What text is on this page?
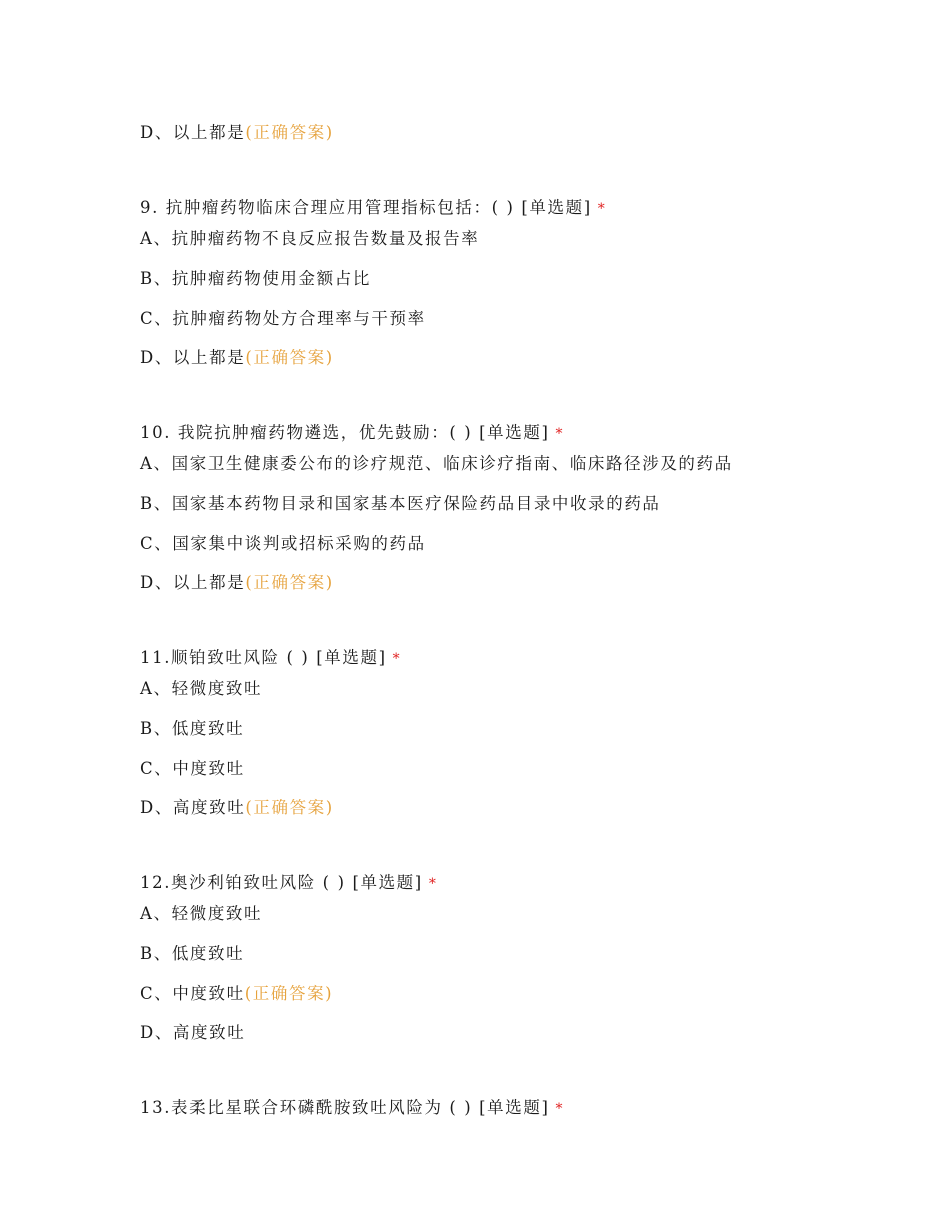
D、以上都是(正确答案)
9. 抗肿瘤药物临床合理应用管理指标包括：( ) [单选题] *
A、抗肿瘤药物不良反应报告数量及报告率
B、抗肿瘤药物使用金额占比
C、抗肿瘤药物处方合理率与干预率
D、以上都是(正确答案)
10. 我院抗肿瘤药物遴选，优先鼓励：( ) [单选题] *
A、国家卫生健康委公布的诊疗规范、临床诊疗指南、临床路径涉及的药品
B、国家基本药物目录和国家基本医疗保险药品目录中收录的药品
C、国家集中谈判或招标采购的药品
D、以上都是(正确答案)
11.顺铂致吐风险 ( ) [单选题] *
A、轻微度致吐
B、低度致吐
C、中度致吐
D、高度致吐(正确答案)
12.奥沙利铂致吐风险 ( ) [单选题] *
A、轻微度致吐
B、低度致吐
C、中度致吐(正确答案)
D、高度致吐
13.表柔比星联合环磷酰胺致吐风险为 ( ) [单选题] *
